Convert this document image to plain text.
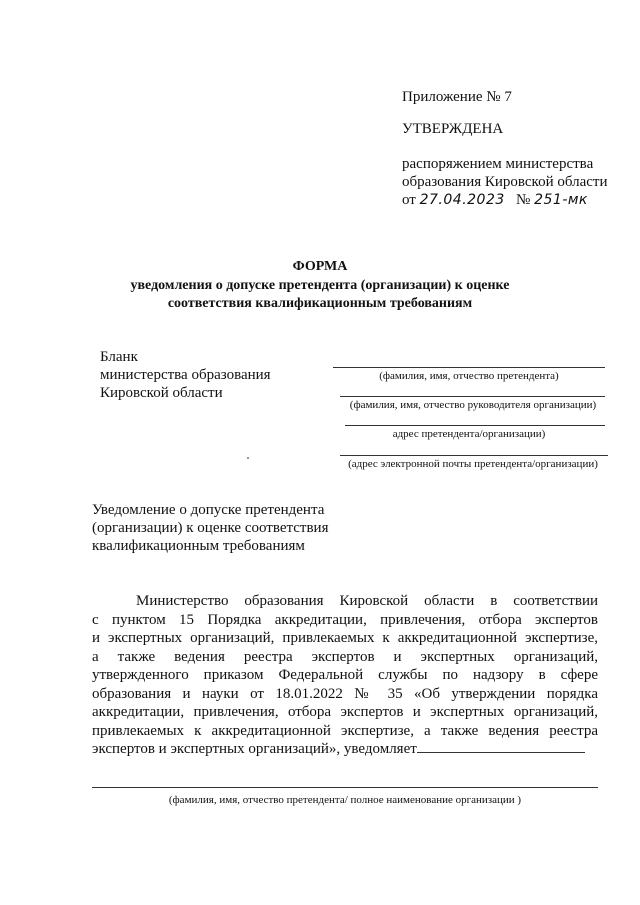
Приложение № 7
УТВЕРЖДЕНА
распоряжением министерства
образования Кировской области
от 27.04.2023 № 251-мк
ФОРМА
уведомления о допуске претендента (организации) к оценке
соответствия квалификационным требованиям
Бланк
министерства образования
Кировской области
(фамилия, имя, отчество претендента)
(фамилия, имя, отчество руководителя организации)
адрес претендента/организации)
(адрес электронной почты претендента/организации)
Уведомление о допуске претендента
(организации) к оценке соответствия
квалификационным требованиям
Министерство образования Кировской области в соответствии
с пунктом 15 Порядка аккредитации, привлечения, отбора экспертов
и экспертных организаций, привлекаемых к аккредитационной экспертизе,
а также ведения реестра экспертов и экспертных организаций,
утвержденного приказом Федеральной службы по надзору в сфере
образования и науки от 18.01.2022 № 35 «Об утверждении порядка
аккредитации, привлечения, отбора экспертов и экспертных организаций,
привлекаемых к аккредитационной экспертизе, а также ведения реестра
экспертов и экспертных организаций», уведомляет
(фамилия, имя, отчество претендента/ полное наименование организации )
